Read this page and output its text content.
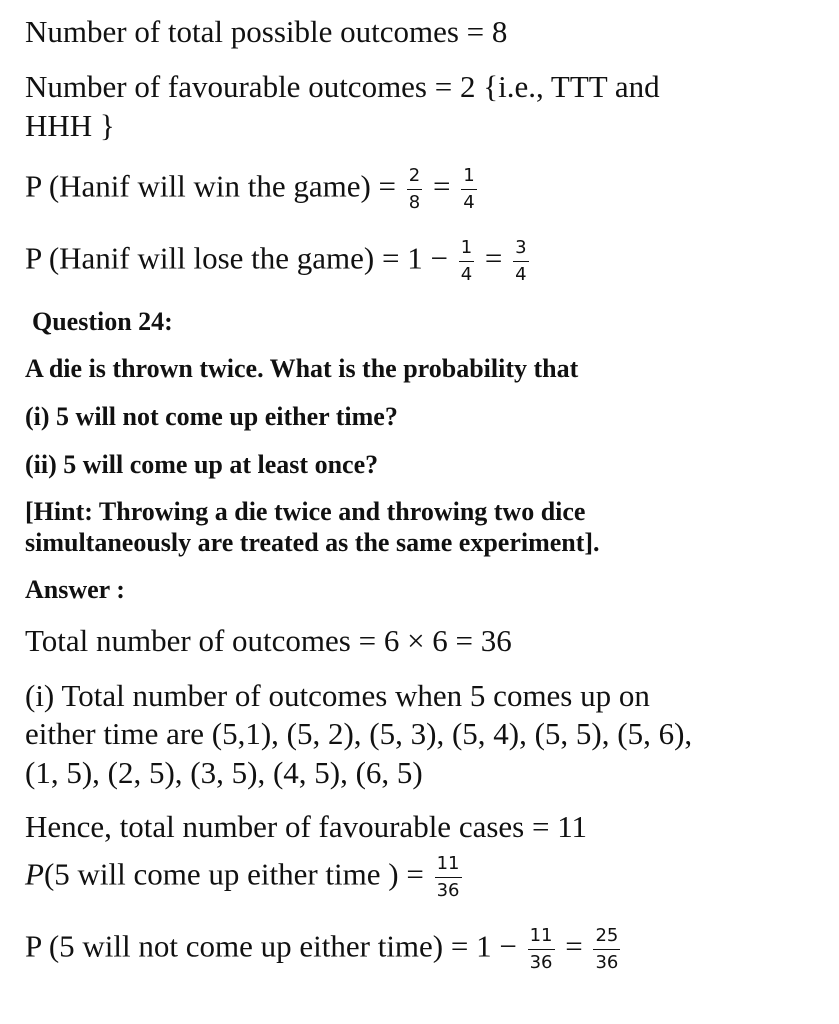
Number of total possible outcomes = 8
Number of favourable outcomes = 2 {i.e., TTT and
HHH }
P (Hanif will win the game) = $\frac{2}{8} = \frac{1}{4}$
P (Hanif will lose the game) = $1 - \frac{1}{4} = \frac{3}{4}$
Question 24:
A die is thrown twice. What is the probability that
(i) 5 will not come up either time?
(ii) 5 will come up at least once?
[Hint: Throwing a die twice and throwing two dice
simultaneously are treated as the same experiment].
Answer :
Total number of outcomes = 6 × 6 = 36
(i) Total number of outcomes when 5 comes up on
either time are (5,1), (5, 2), (5, 3), (5, 4), (5, 5), (5, 6),
(1, 5), (2, 5), (3, 5), (4, 5), (6, 5)
Hence, total number of favourable cases = 11
P(5 will come up either time ) = $\frac{11}{36}$
P (5 will not come up either time) = $1 - \frac{11}{36} = \frac{25}{36}$
